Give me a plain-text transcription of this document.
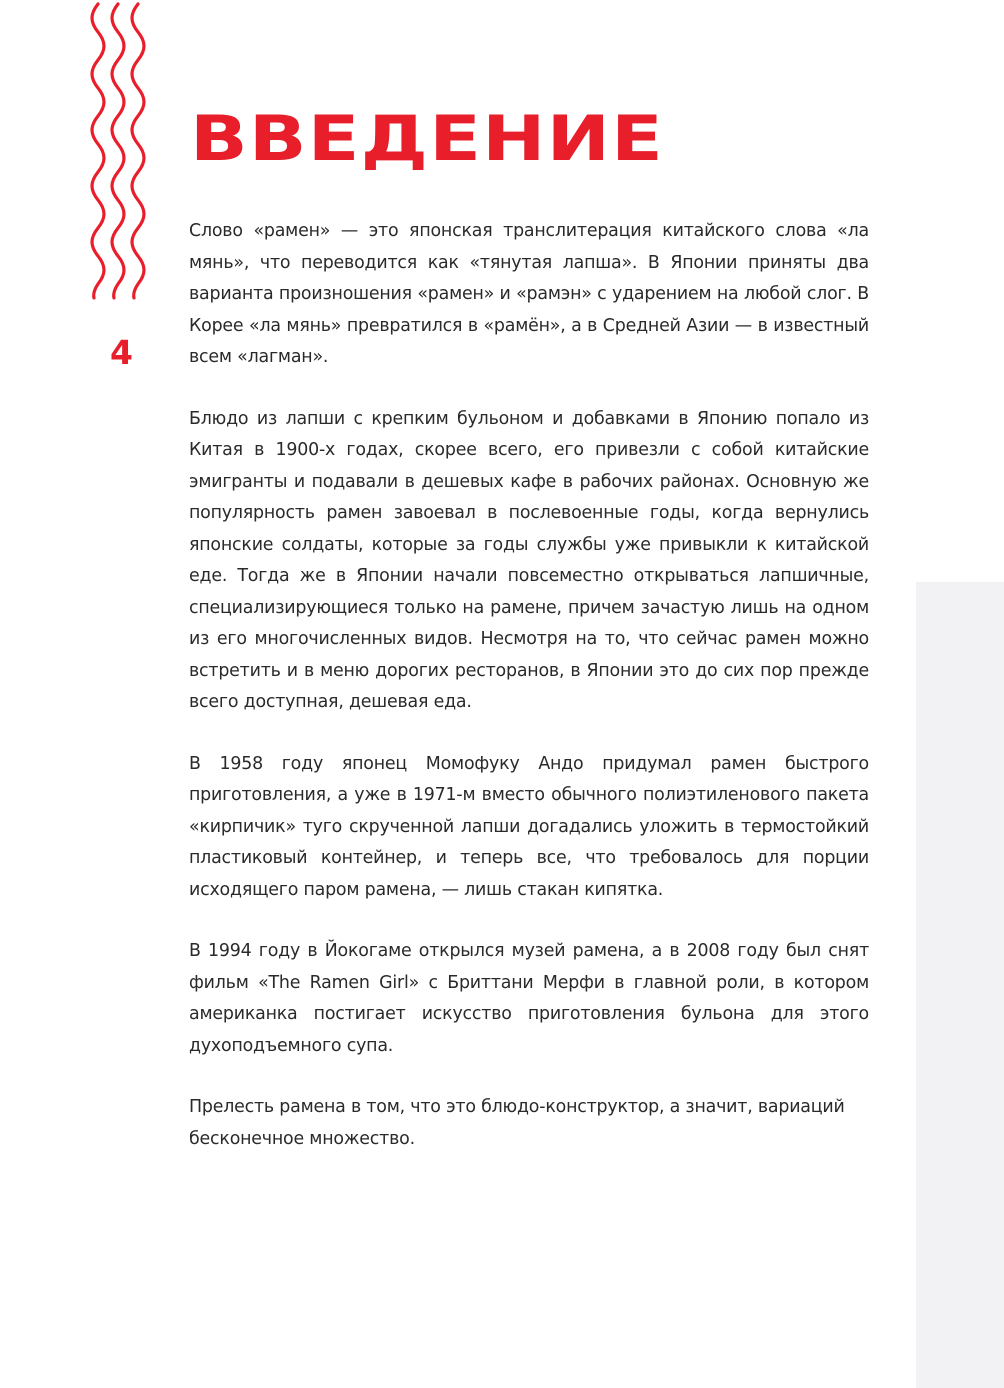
4
ВВЕДЕНИЕ

Слово «рамен» — это японская транслитерация китайского слова «ла мянь», что переводится как «тянутая лапша». В Японии приняты два варианта произношения «рамен» и «рамэн» с ударением на любой слог. В Корее «ла мянь» превратился в «рамён», а в Средней Азии — в известный всем «лагман».

Блюдо из лапши с крепким бульоном и добавками в Японию попало из Китая в 1900-х годах, скорее всего, его привезли с собой китайские эмигранты и подавали в дешевых кафе в рабочих районах. Основную же популярность рамен завоевал в послевоенные годы, когда вернулись японские солдаты, которые за годы службы уже привыкли к китайской еде. Тогда же в Японии начали повсеместно открываться лапшичные, специализирующиеся только на рамене, причем зачастую лишь на одном из его многочисленных видов. Несмотря на то, что сейчас рамен можно встретить и в меню дорогих ресторанов, в Японии это до сих пор прежде всего доступная, дешевая еда.

В 1958 году японец Момофуку Андо придумал рамен быстрого приготовления, а уже в 1971-м вместо обычного полиэтиленового пакета «кирпичик» туго скрученной лапши догадались уложить в термостойкий пластиковый контейнер, и теперь все, что требовалось для порции исходящего паром рамена, — лишь стакан кипятка.

В 1994 году в Йокогаме открылся музей рамена, а в 2008 году был снят фильм «The Ramen Girl» с Бриттани Мерфи в главной роли, в котором американка постигает искусство приготовления бульона для этого духоподъемного супа.

Прелесть рамена в том, что это блюдо-конструктор, а значит, вариаций бесконечное множество.
